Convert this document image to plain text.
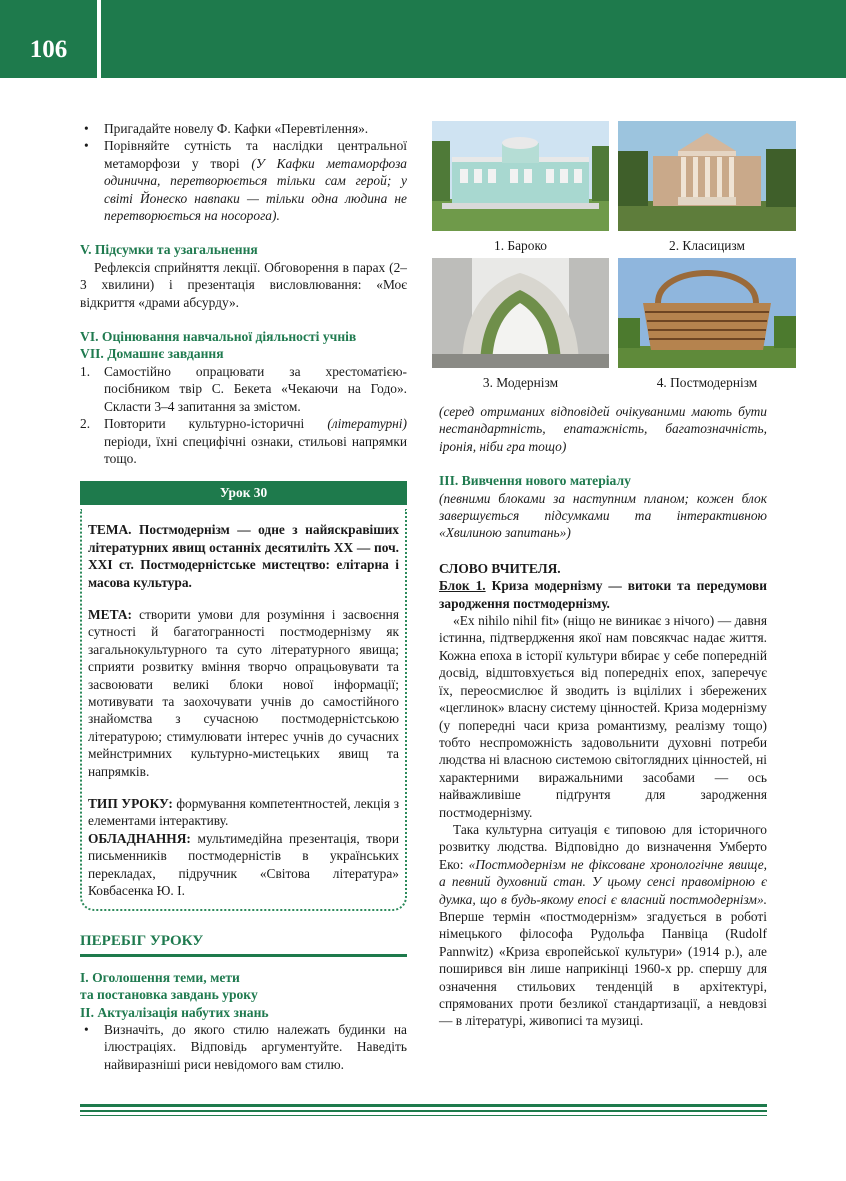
106
• Пригадайте новелу Ф. Кафки «Перевтілення».
• Порівняйте сутність та наслідки центральної метаморфози у творі (У Кафки метаморфоза одинична, перетворюється тільки сам герой; у світі Йонеско навпаки — тільки одна людина не перетворюється на носорога).

V. Підсумки та узагальнення

Рефлексія сприйняття лекції. Обговорення в парах (2–3 хвилини) і презентація висловлювання: «Моє відкриття «драми абсурду».

VI. Оцінювання навчальної діяльності учнів

VII. Домашнє завдання

1. Самостійно опрацювати за хрестоматією-посібником твір С. Бекета «Чекаючи на Годо». Скласти 3–4 запитання за змістом.
2. Повторити культурно-історичні (літературні) періоди, їхні специфічні ознаки, стильові напрямки тощо.
Урок 30

ТЕМА. Постмодернізм — одне з найяскравіших літературних явищ останніх десятиліть XX — поч. XXI ст. Постмодерністське мистецтво: елітарна і масова культура.

МЕТА: створити умови для розуміння і засвоєння сутності й багатогранності постмодернізму як загальнокультурного та суто літературного явища; сприяти розвитку вміння творчо опрацьовувати та засвоювати великі блоки нової інформації; мотивувати та заохочувати учнів до самостійного знайомства з сучасною постмодерністською літературою; стимулювати інтерес учнів до сучасних мейнстримних культурно-мистецьких явищ та напрямків.

ТИП УРОКУ: формування компетентностей, лекція з елементами інтерактиву.

ОБЛАДНАННЯ: мультимедійна презентація, твори письменників постмодерністів в українських перекладах, підручник «Світова література» Ковбасенка Ю. І.

ПЕРЕБІГ УРОКУ

I. Оголошення теми, мети

та постановка завдань уроку

II. Актуалізація набутих знань

• Визначіть, до якого стилю належать будинки на ілюстраціях. Відповідь аргументуйте. Наведіть найвиразніші риси невідомого вам стилю.
1. Бароко	2. Класицизм
3. Модернізм	4. Постмодернізм

(серед отриманих відповідей очікуваними мають бути нестандартність, епатажність, багатозначність, іронія, ніби гра тощо)

III. Вивчення нового матеріалу

(певними блоками за наступним планом; кожен блок завершується підсумками та інтерактивною «Хвилиною запитань»)

СЛОВО ВЧИТЕЛЯ.

Блок 1. Криза модернізму — витоки та передумови зародження постмодернізму.

«Ex nihilo nihil fit» (ніщо не виникає з нічого) — давня істинна, підтвердження якої нам повсякчас надає життя. Кожна епоха в історії культури вбирає у себе попередній досвід, відштовхується від попередніх епох, заперечує їх, переосмислює й зводить із вцілілих і збережених «цеглинок» власну систему цінностей. Криза модернізму (у попередні часи криза романтизму, реалізму тощо) тобто неспроможність задовольнити духовні потреби людства ні власною системою світоглядних цінностей, ні характерними виражальними засобами — ось найважливіше підґрунтя для зародження постмодернізму.

Така культурна ситуація є типовою для історичного розвитку людства. Відповідно до визначення Умберто Еко: «Постмодернізм не фіксоване хронологічне явище, а певний духовний стан. У цьому сенсі правомірною є думка, що в будь-якому епосі є власний постмодернізм». Вперше термін «постмодернізм» згадується в роботі німецького філософа Рудольфа Панвіца (Rudolf Pannwitz) «Криза європейської культури» (1914 р.), але поширився він лише наприкінці 1960-х рр. спершу для означення стильових тенденцій в архітектурі, спрямованих проти безликої стандартизації, а невдовзі — в літературі, живописі та музиці.
